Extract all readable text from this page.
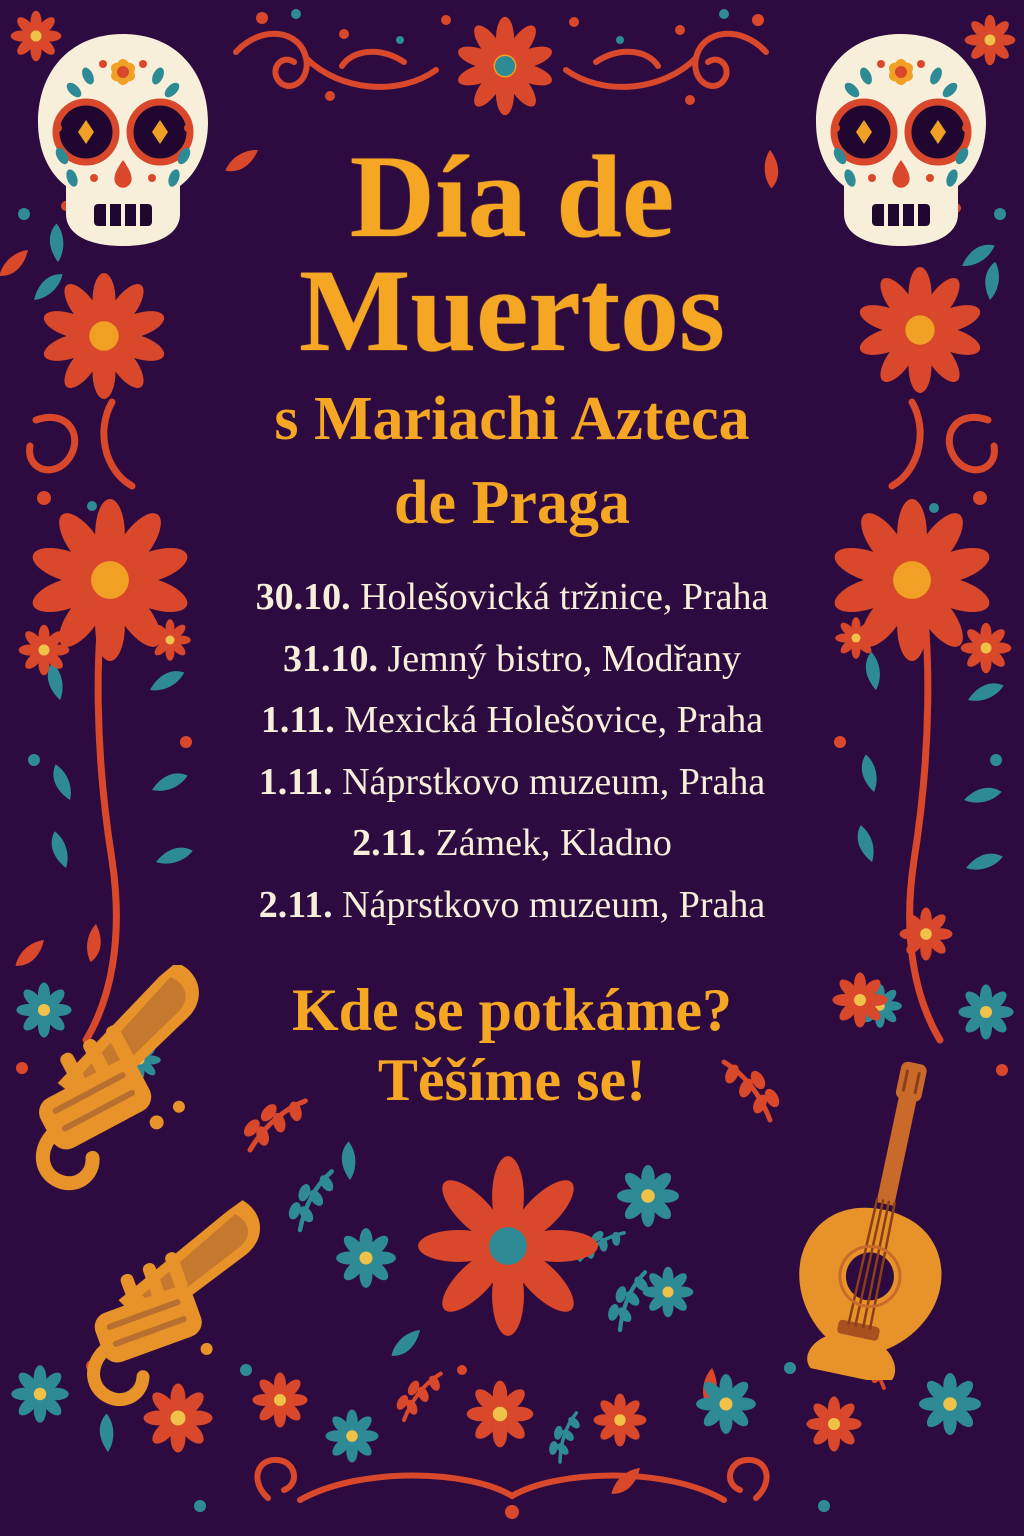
Día de
Muertos
s Mariachi Azteca
de Praga
30.10. Holešovická tržnice, Praha
31.10. Jemný bistro, Modřany
1.11. Mexická Holešovice, Praha
1.11. Náprstkovo muzeum, Praha
2.11. Zámek, Kladno
2.11. Náprstkovo muzeum, Praha
Kde se potkáme?
Těšíme se!
